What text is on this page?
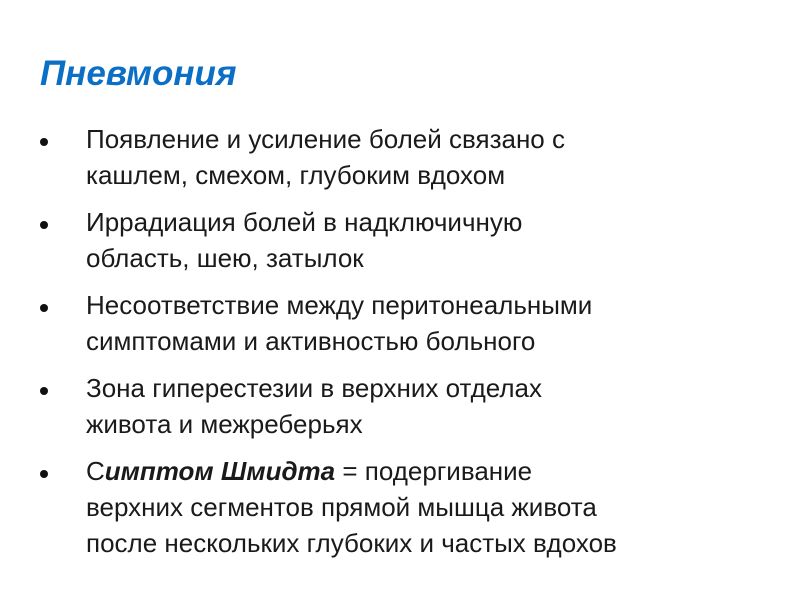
Пневмония
Появление и усиление болей связано с
кашлем, смехом, глубоким вдохом
Иррадиация болей в надключичную
область, шею, затылок
Несоответствие между перитонеальными
симптомами и активностью больного
Зона гиперестезии в верхних отделах
живота и межреберьях
Симптом Шмидта = подергивание
верхних сегментов прямой мышца живота
после нескольких глубоких и частых вдохов
